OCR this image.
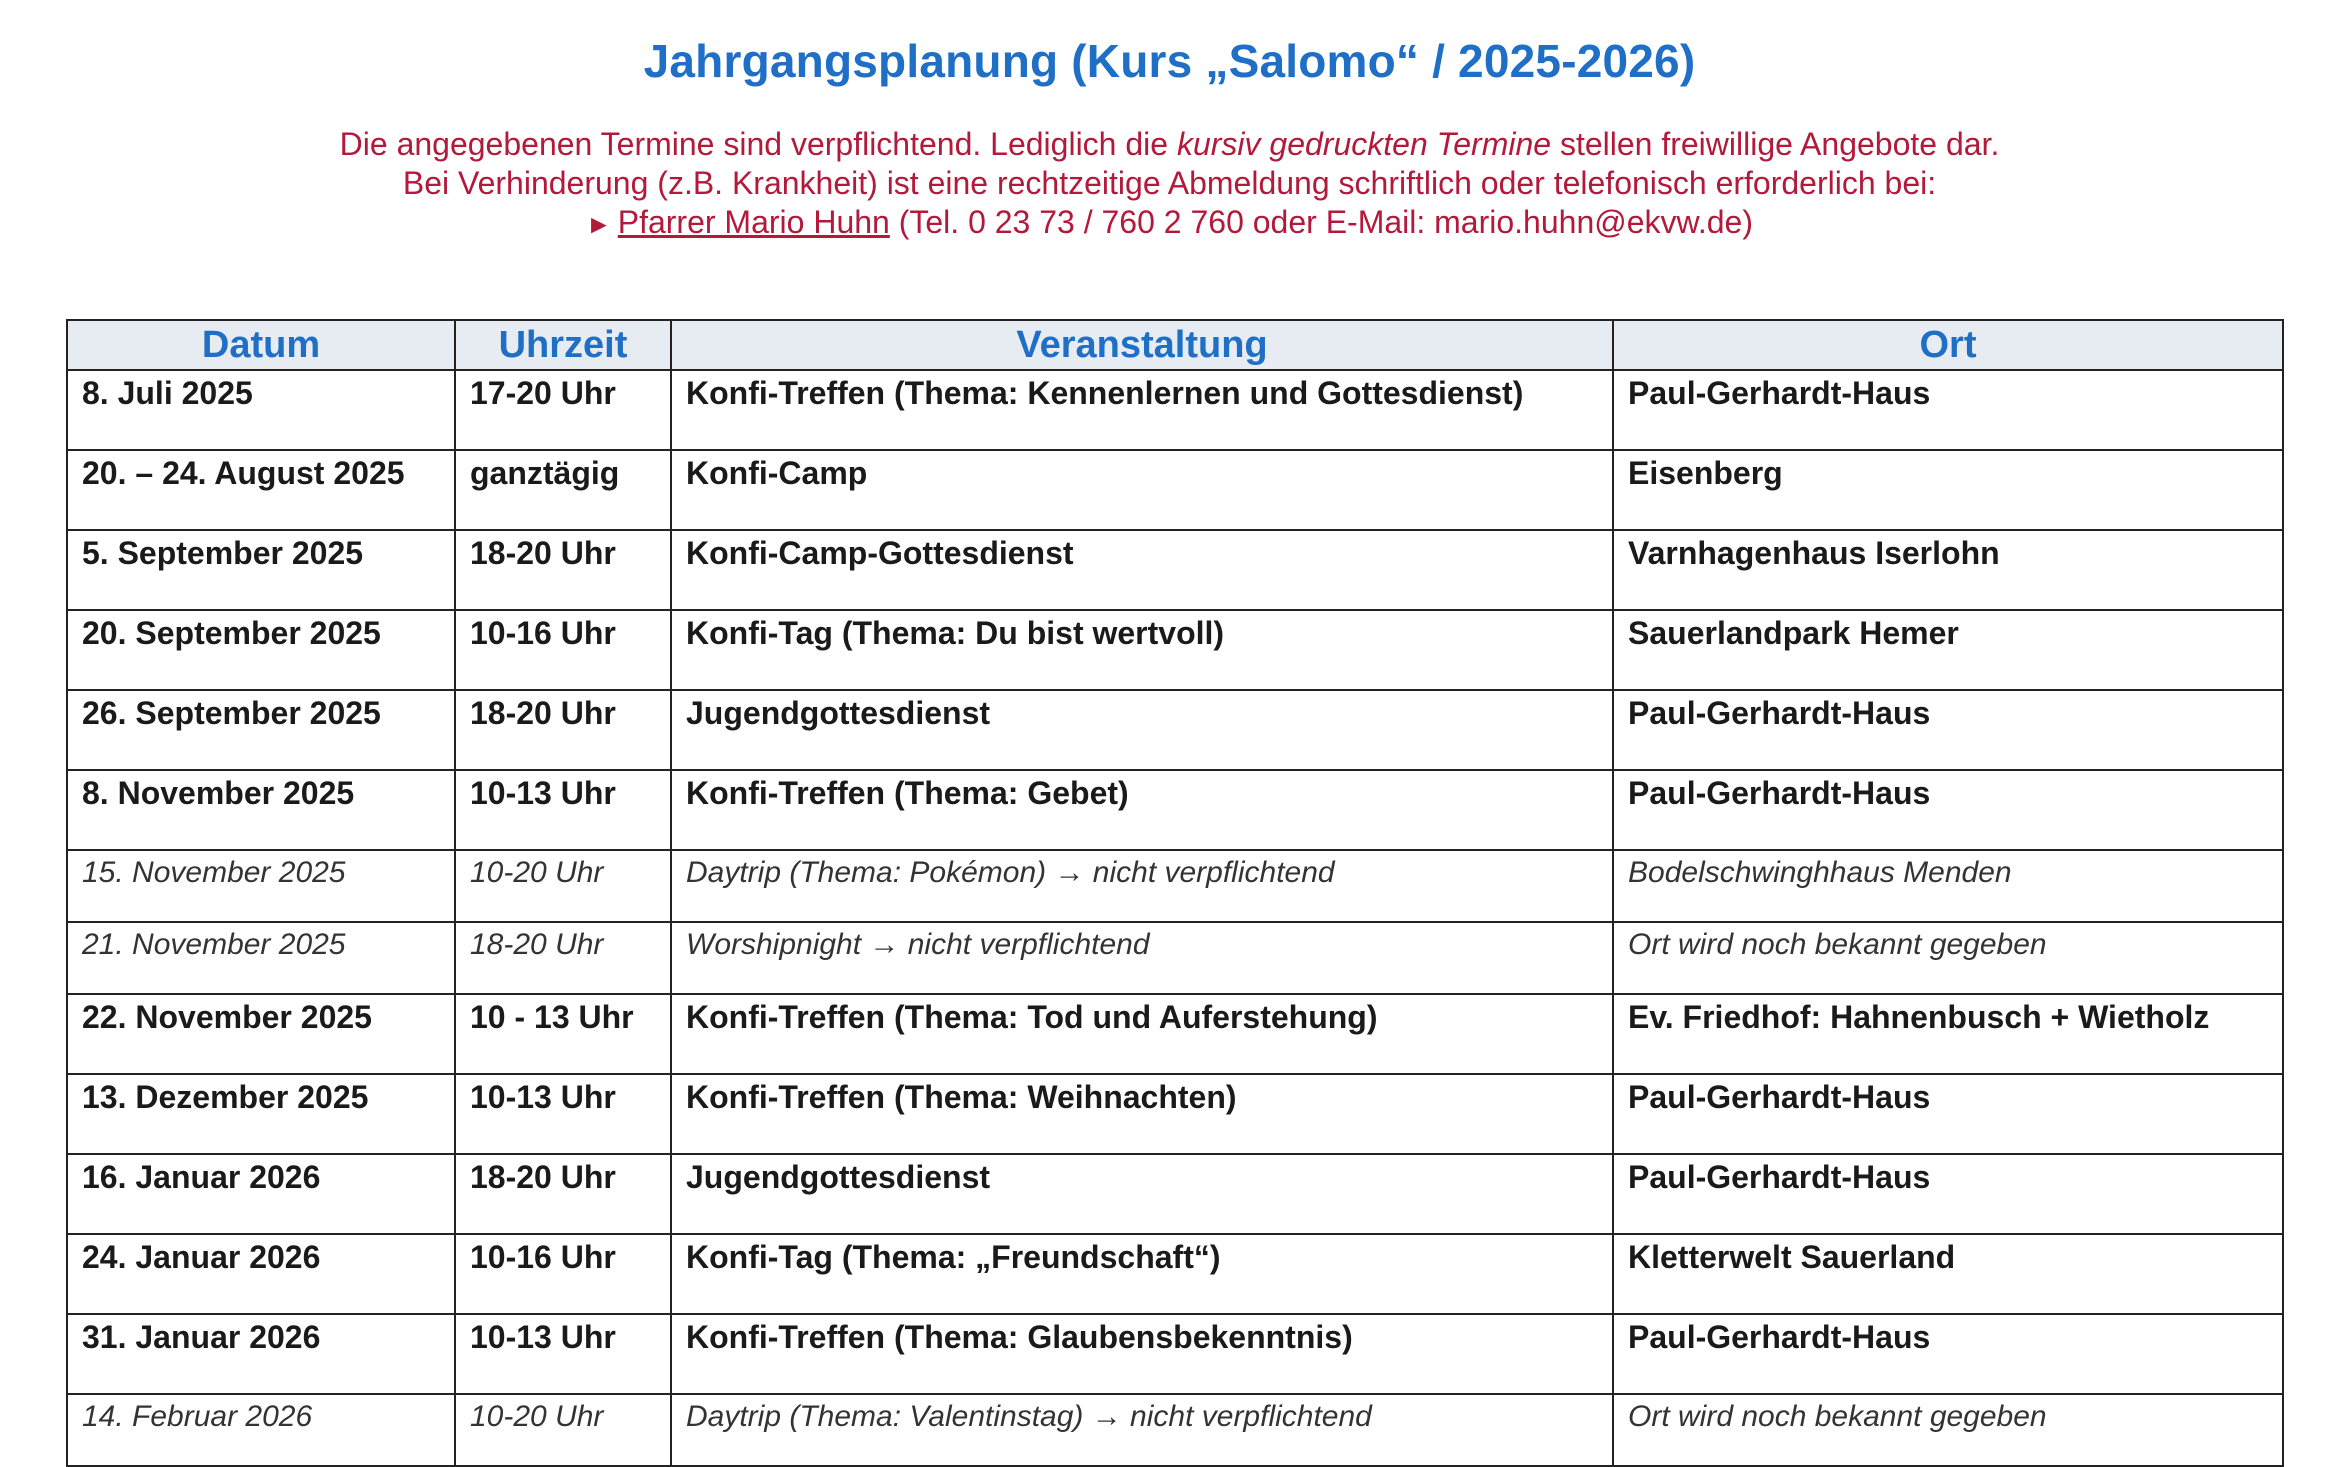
Jahrgangsplanung (Kurs „Salomo“ / 2025-2026)
Die angegebenen Termine sind verpflichtend. Lediglich die kursiv gedruckten Termine stellen freiwillige Angebote dar.
Bei Verhinderung (z.B. Krankheit) ist eine rechtzeitige Abmeldung schriftlich oder telefonisch erforderlich bei:
► Pfarrer Mario Huhn (Tel. 0 23 73 / 760 2 760 oder E-Mail: mario.huhn@ekvw.de)
Datum	Uhrzeit	Veranstaltung	Ort
8. Juli 2025	17-20 Uhr	Konfi-Treffen (Thema: Kennenlernen und Gottesdienst)	Paul-Gerhardt-Haus
20. – 24. August 2025	ganztägig	Konfi-Camp	Eisenberg
5. September 2025	18-20 Uhr	Konfi-Camp-Gottesdienst	Varnhagenhaus Iserlohn
20. September 2025	10-16 Uhr	Konfi-Tag (Thema: Du bist wertvoll)	Sauerlandpark Hemer
26. September 2025	18-20 Uhr	Jugendgottesdienst	Paul-Gerhardt-Haus
8. November 2025	10-13 Uhr	Konfi-Treffen (Thema: Gebet)	Paul-Gerhardt-Haus
15. November 2025	10-20 Uhr	Daytrip (Thema: Pokémon) → nicht verpflichtend	Bodelschwinghhaus Menden
21. November 2025	18-20 Uhr	Worshipnight → nicht verpflichtend	Ort wird noch bekannt gegeben
22. November 2025	10 - 13 Uhr	Konfi-Treffen (Thema: Tod und Auferstehung)	Ev. Friedhof: Hahnenbusch + Wietholz
13. Dezember 2025	10-13 Uhr	Konfi-Treffen (Thema: Weihnachten)	Paul-Gerhardt-Haus
16. Januar 2026	18-20 Uhr	Jugendgottesdienst	Paul-Gerhardt-Haus
24. Januar 2026	10-16 Uhr	Konfi-Tag (Thema: „Freundschaft“)	Kletterwelt Sauerland
31. Januar 2026	10-13 Uhr	Konfi-Treffen (Thema: Glaubensbekenntnis)	Paul-Gerhardt-Haus
14. Februar 2026	10-20 Uhr	Daytrip (Thema: Valentinstag) → nicht verpflichtend	Ort wird noch bekannt gegeben
